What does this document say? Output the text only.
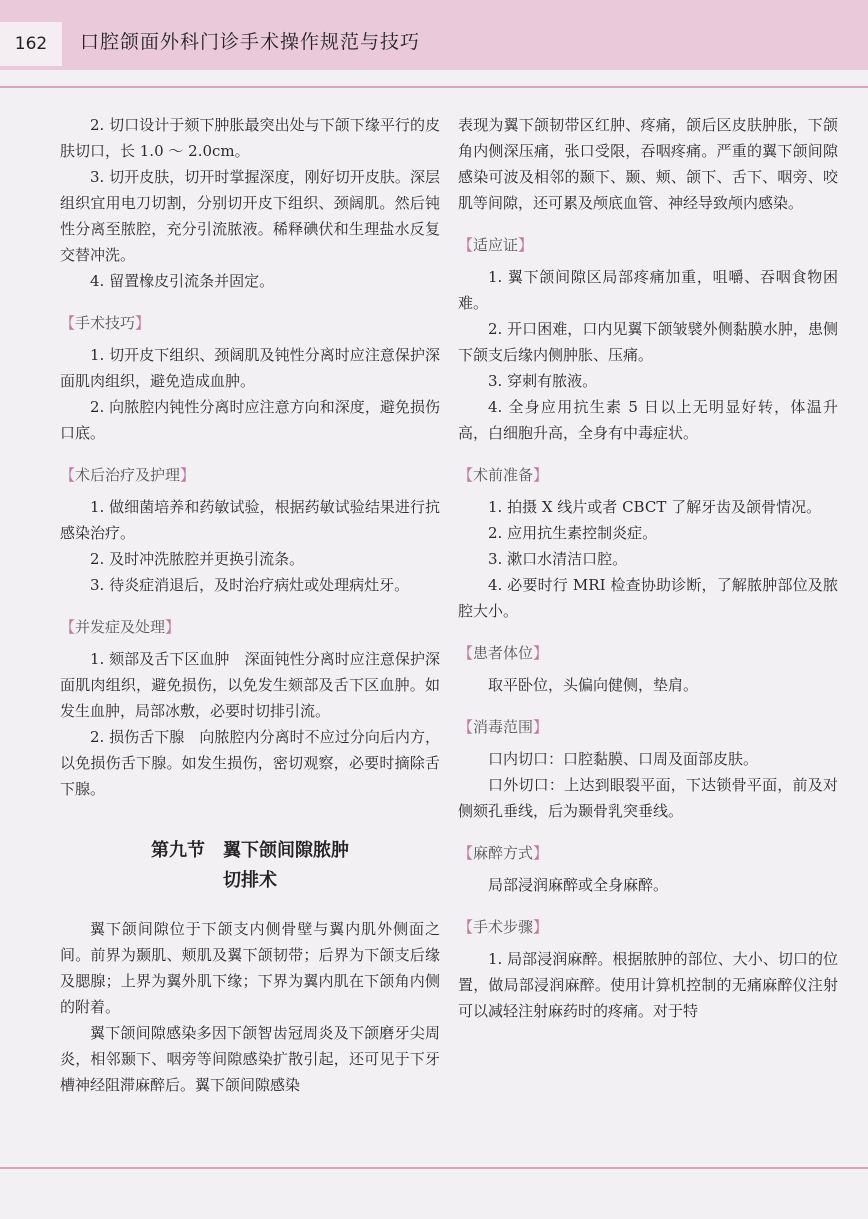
162	口腔颌面外科门诊手术操作规范与技巧

2. 切口设计于颏下肿胀最突出处与下颌下缘平行的皮肤切口，长 1.0 ～ 2.0cm。

3. 切开皮肤，切开时掌握深度，刚好切开皮肤。深层组织宜用电刀切割，分别切开皮下组织、颈阔肌。然后钝性分离至脓腔，充分引流脓液。稀释碘伏和生理盐水反复交替冲洗。

4. 留置橡皮引流条并固定。

【手术技巧】

1. 切开皮下组织、颈阔肌及钝性分离时应注意保护深面肌肉组织，避免造成血肿。

2. 向脓腔内钝性分离时应注意方向和深度，避免损伤口底。

【术后治疗及护理】

1. 做细菌培养和药敏试验，根据药敏试验结果进行抗感染治疗。

2. 及时冲洗脓腔并更换引流条。

3. 待炎症消退后，及时治疗病灶或处理病灶牙。

【并发症及处理】

1. 颏部及舌下区血肿　深面钝性分离时应注意保护深面肌肉组织，避免损伤，以免发生颏部及舌下区血肿。如发生血肿，局部冰敷，必要时切排引流。

2. 损伤舌下腺　向脓腔内分离时不应过分向后内方，以免损伤舌下腺。如发生损伤，密切观察，必要时摘除舌下腺。

第九节　翼下颌间隙脓肿
切排术

翼下颌间隙位于下颌支内侧骨壁与翼内肌外侧面之间。前界为颞肌、颊肌及翼下颌韧带；后界为下颌支后缘及腮腺；上界为翼外肌下缘；下界为翼内肌在下颌角内侧的附着。

翼下颌间隙感染多因下颌智齿冠周炎及下颌磨牙尖周炎，相邻颞下、咽旁等间隙感染扩散引起，还可见于下牙槽神经阻滞麻醉后。翼下颌间隙感染

表现为翼下颌韧带区红肿、疼痛，颌后区皮肤肿胀，下颌角内侧深压痛，张口受限，吞咽疼痛。严重的翼下颌间隙感染可波及相邻的颞下、颞、颊、颌下、舌下、咽旁、咬肌等间隙，还可累及颅底血管、神经导致颅内感染。

【适应证】

1. 翼下颌间隙区局部疼痛加重，咀嚼、吞咽食物困难。

2. 开口困难，口内见翼下颌皱襞外侧黏膜水肿，患侧下颌支后缘内侧肿胀、压痛。

3. 穿刺有脓液。

4. 全身应用抗生素 5 日以上无明显好转，体温升高，白细胞升高，全身有中毒症状。

【术前准备】

1. 拍摄 X 线片或者 CBCT 了解牙齿及颌骨情况。

2. 应用抗生素控制炎症。

3. 漱口水清洁口腔。

4. 必要时行 MRI 检查协助诊断，了解脓肿部位及脓腔大小。

【患者体位】

取平卧位，头偏向健侧，垫肩。

【消毒范围】

口内切口：口腔黏膜、口周及面部皮肤。

口外切口：上达到眼裂平面，下达锁骨平面，前及对侧颏孔垂线，后为颞骨乳突垂线。

【麻醉方式】

局部浸润麻醉或全身麻醉。

【手术步骤】

1. 局部浸润麻醉。根据脓肿的部位、大小、切口的位置，做局部浸润麻醉。使用计算机控制的无痛麻醉仪注射可以减轻注射麻药时的疼痛。对于特
